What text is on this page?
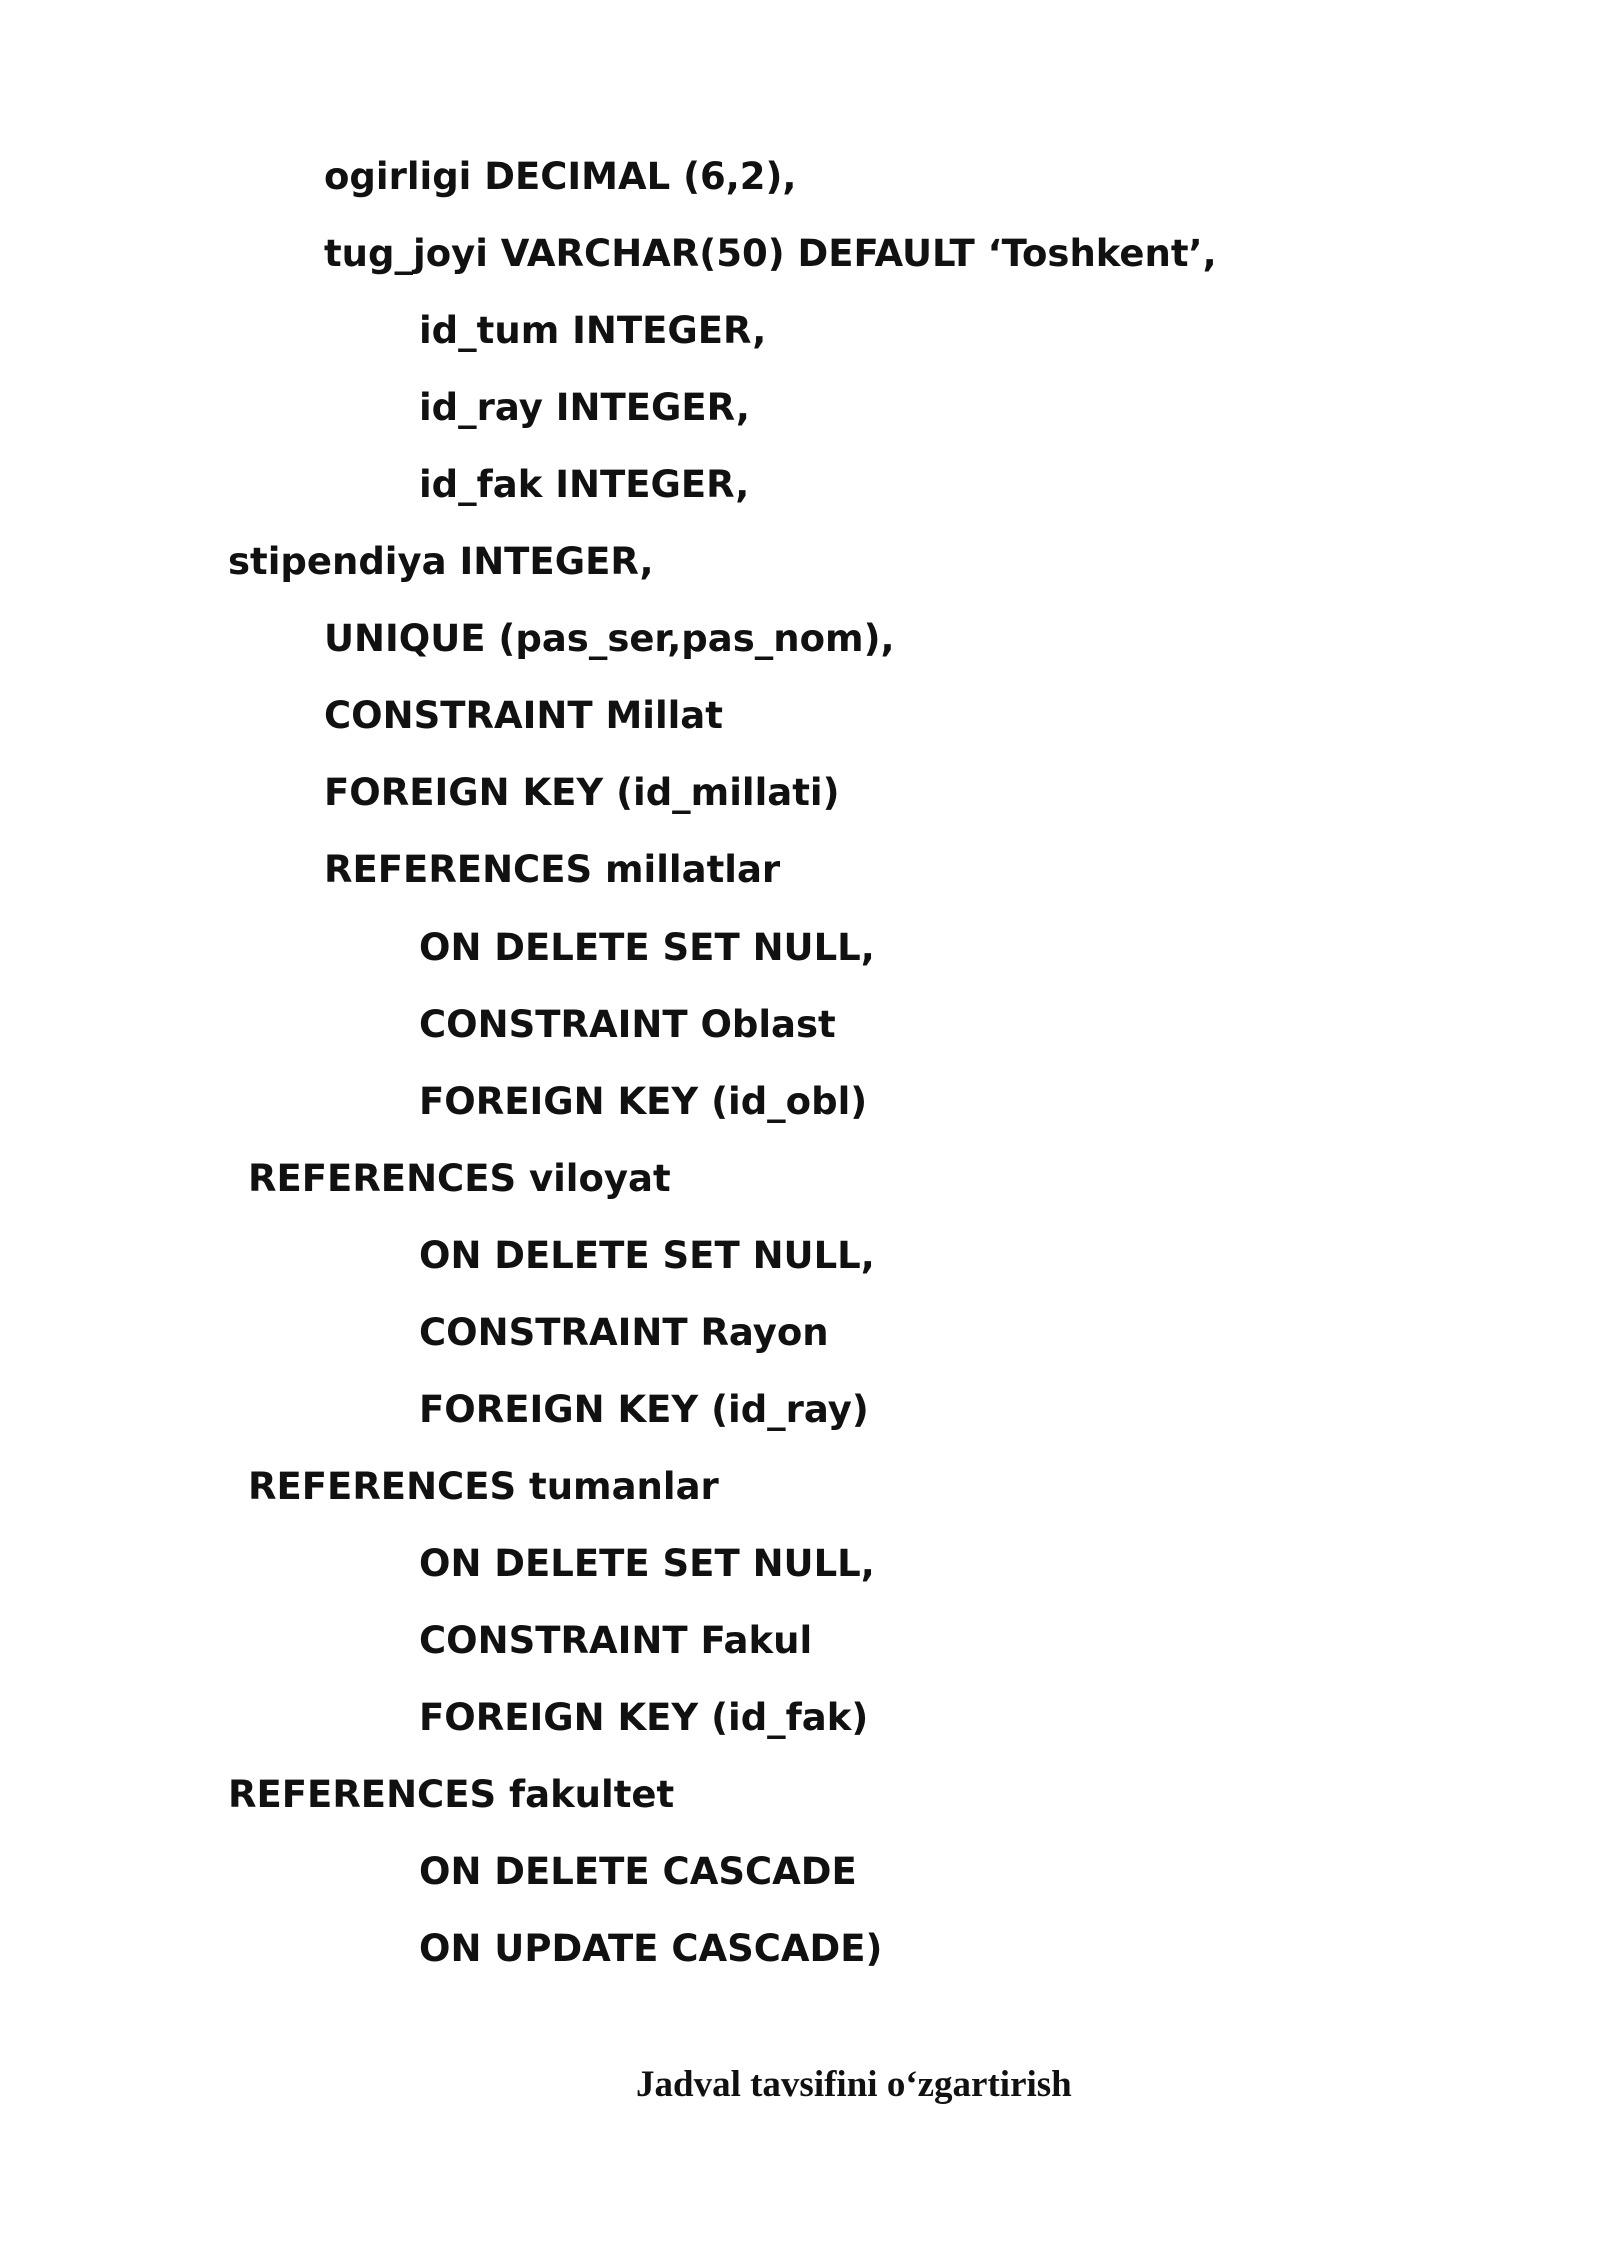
ogirligi DECIMAL (6,2),
tug_joyi VARCHAR(50) DEFAULT ‘Toshkent’,
id_tum INTEGER,
id_ray INTEGER,
id_fak INTEGER,
stipendiya INTEGER,
UNIQUE (pas_ser,pas_nom),
CONSTRAINT Millat
FOREIGN KEY (id_millati)
REFERENCES millatlar
ON DELETE SET NULL,
CONSTRAINT Oblast
FOREIGN KEY (id_obl)
REFERENCES viloyat
ON DELETE SET NULL,
CONSTRAINT Rayon
FOREIGN KEY (id_ray)
REFERENCES tumanlar
ON DELETE SET NULL,
CONSTRAINT Fakul
FOREIGN KEY (id_fak)
REFERENCES fakultet
ON DELETE CASCADE
ON UPDATE CASCADE)
Jadval tavsifini o‘zgartirish
